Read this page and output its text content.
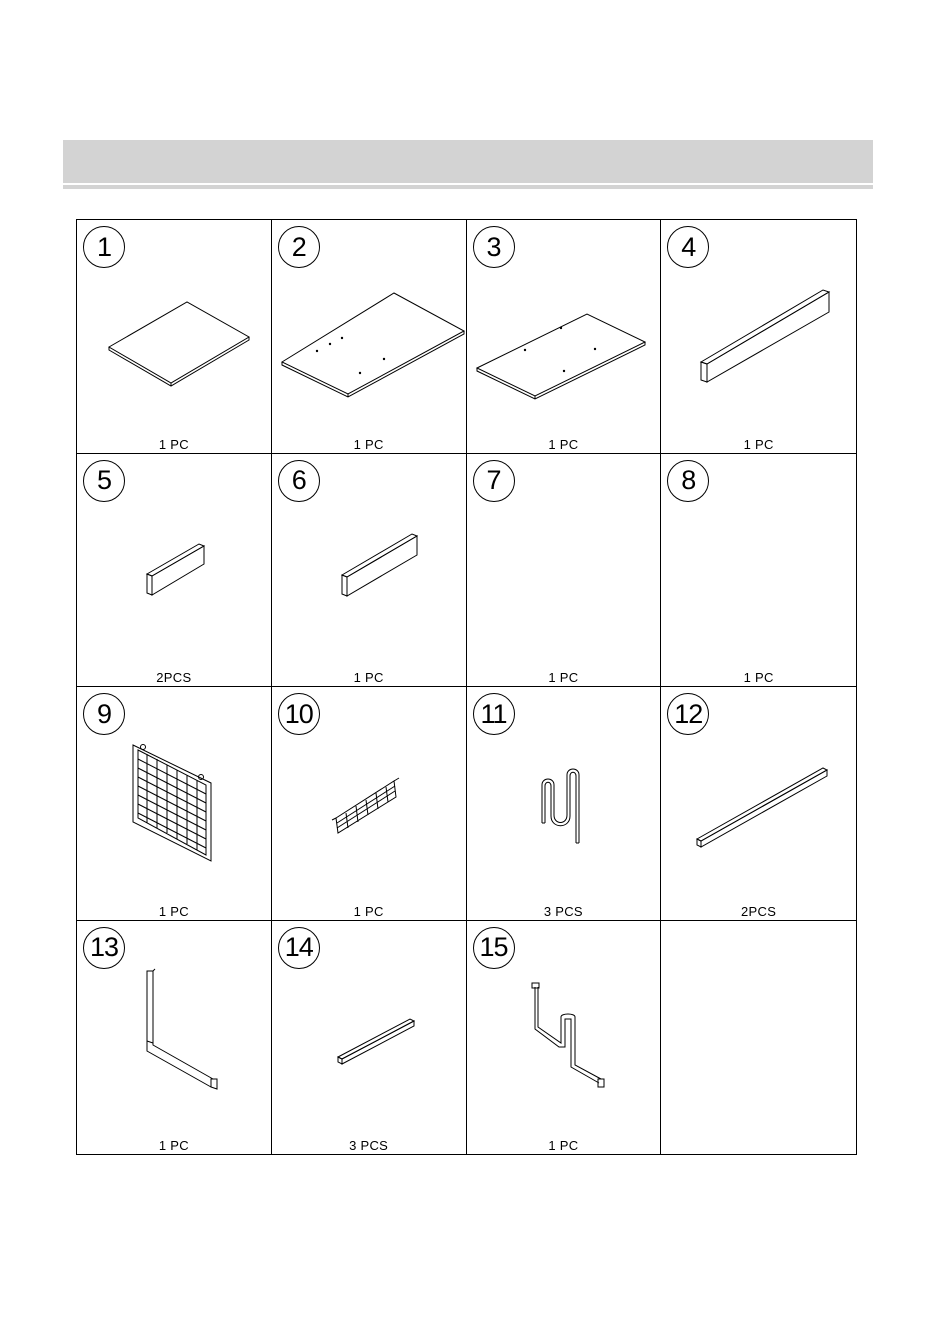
1
1 PC
2
1 PC
3
1 PC
4
1 PC
5
2PCS
6
1 PC
7
1 PC
8
1 PC
9
1 PC
10
1 PC
11
3 PCS
12
2PCS
13
1 PC
14
3 PCS
15
1 PC
